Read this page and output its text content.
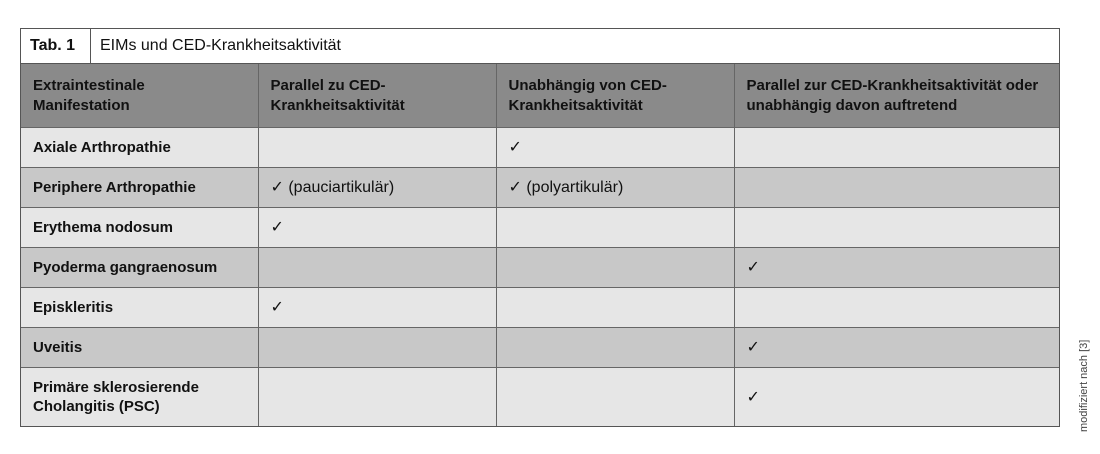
Tab. 1	EIMs und CED-Krankheitsaktivität
Extraintestinale Manifestation	Parallel zu CED-Krankheitsaktivität	Unabhängig von CED-Krankheitsaktivität	Parallel zur CED-Krankheitsaktivität oder unabhängig davon auftretend
Axiale Arthropathie		✓	
Periphere Arthropathie	✓ (pauciartikulär)	✓ (polyartikulär)	
Erythema nodosum	✓		
Pyoderma gangraenosum			✓
Episkleritis	✓		
Uveitis			✓
Primäre sklerosierende Cholangitis (PSC)			✓	modifiziert nach [3]
